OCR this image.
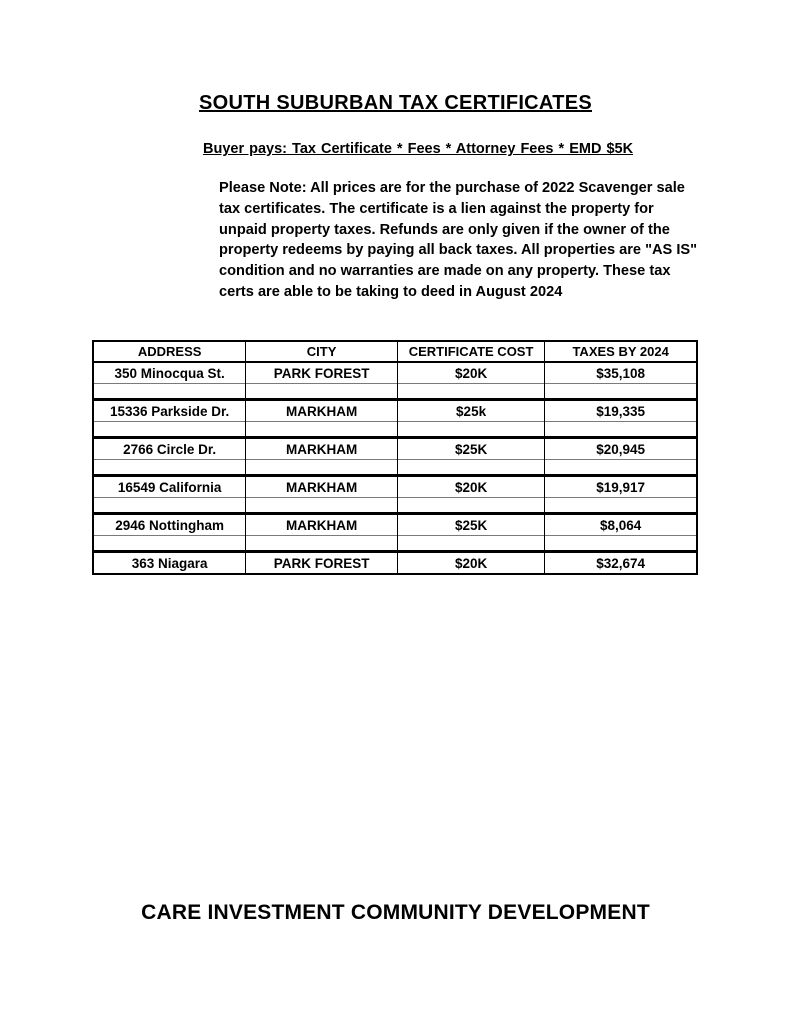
SOUTH SUBURBAN TAX CERTIFICATES
Buyer pays: Tax Certificate * Fees * Attorney Fees * EMD $5K
Please Note: All prices are for the purchase of 2022 Scavenger sale
tax certificates. The certificate is a lien against the property for
unpaid property taxes. Refunds are only given if the owner of the
property redeems by paying all back taxes. All properties are "AS IS"
condition and no warranties are made on any property. These tax
certs are able to be taking to deed in August 2024
ADDRESS	CITY	CERTIFICATE COST	TAXES BY 2024
350 Minocqua St.	PARK FOREST	$20K	$35,108

15336 Parkside Dr.	MARKHAM	$25k	$19,335

2766 Circle Dr.	MARKHAM	$25K	$20,945

16549 California	MARKHAM	$20K	$19,917

2946 Nottingham	MARKHAM	$25K	$8,064

363 Niagara	PARK FOREST	$20K	$32,674
CARE INVESTMENT COMMUNITY DEVELOPMENT
